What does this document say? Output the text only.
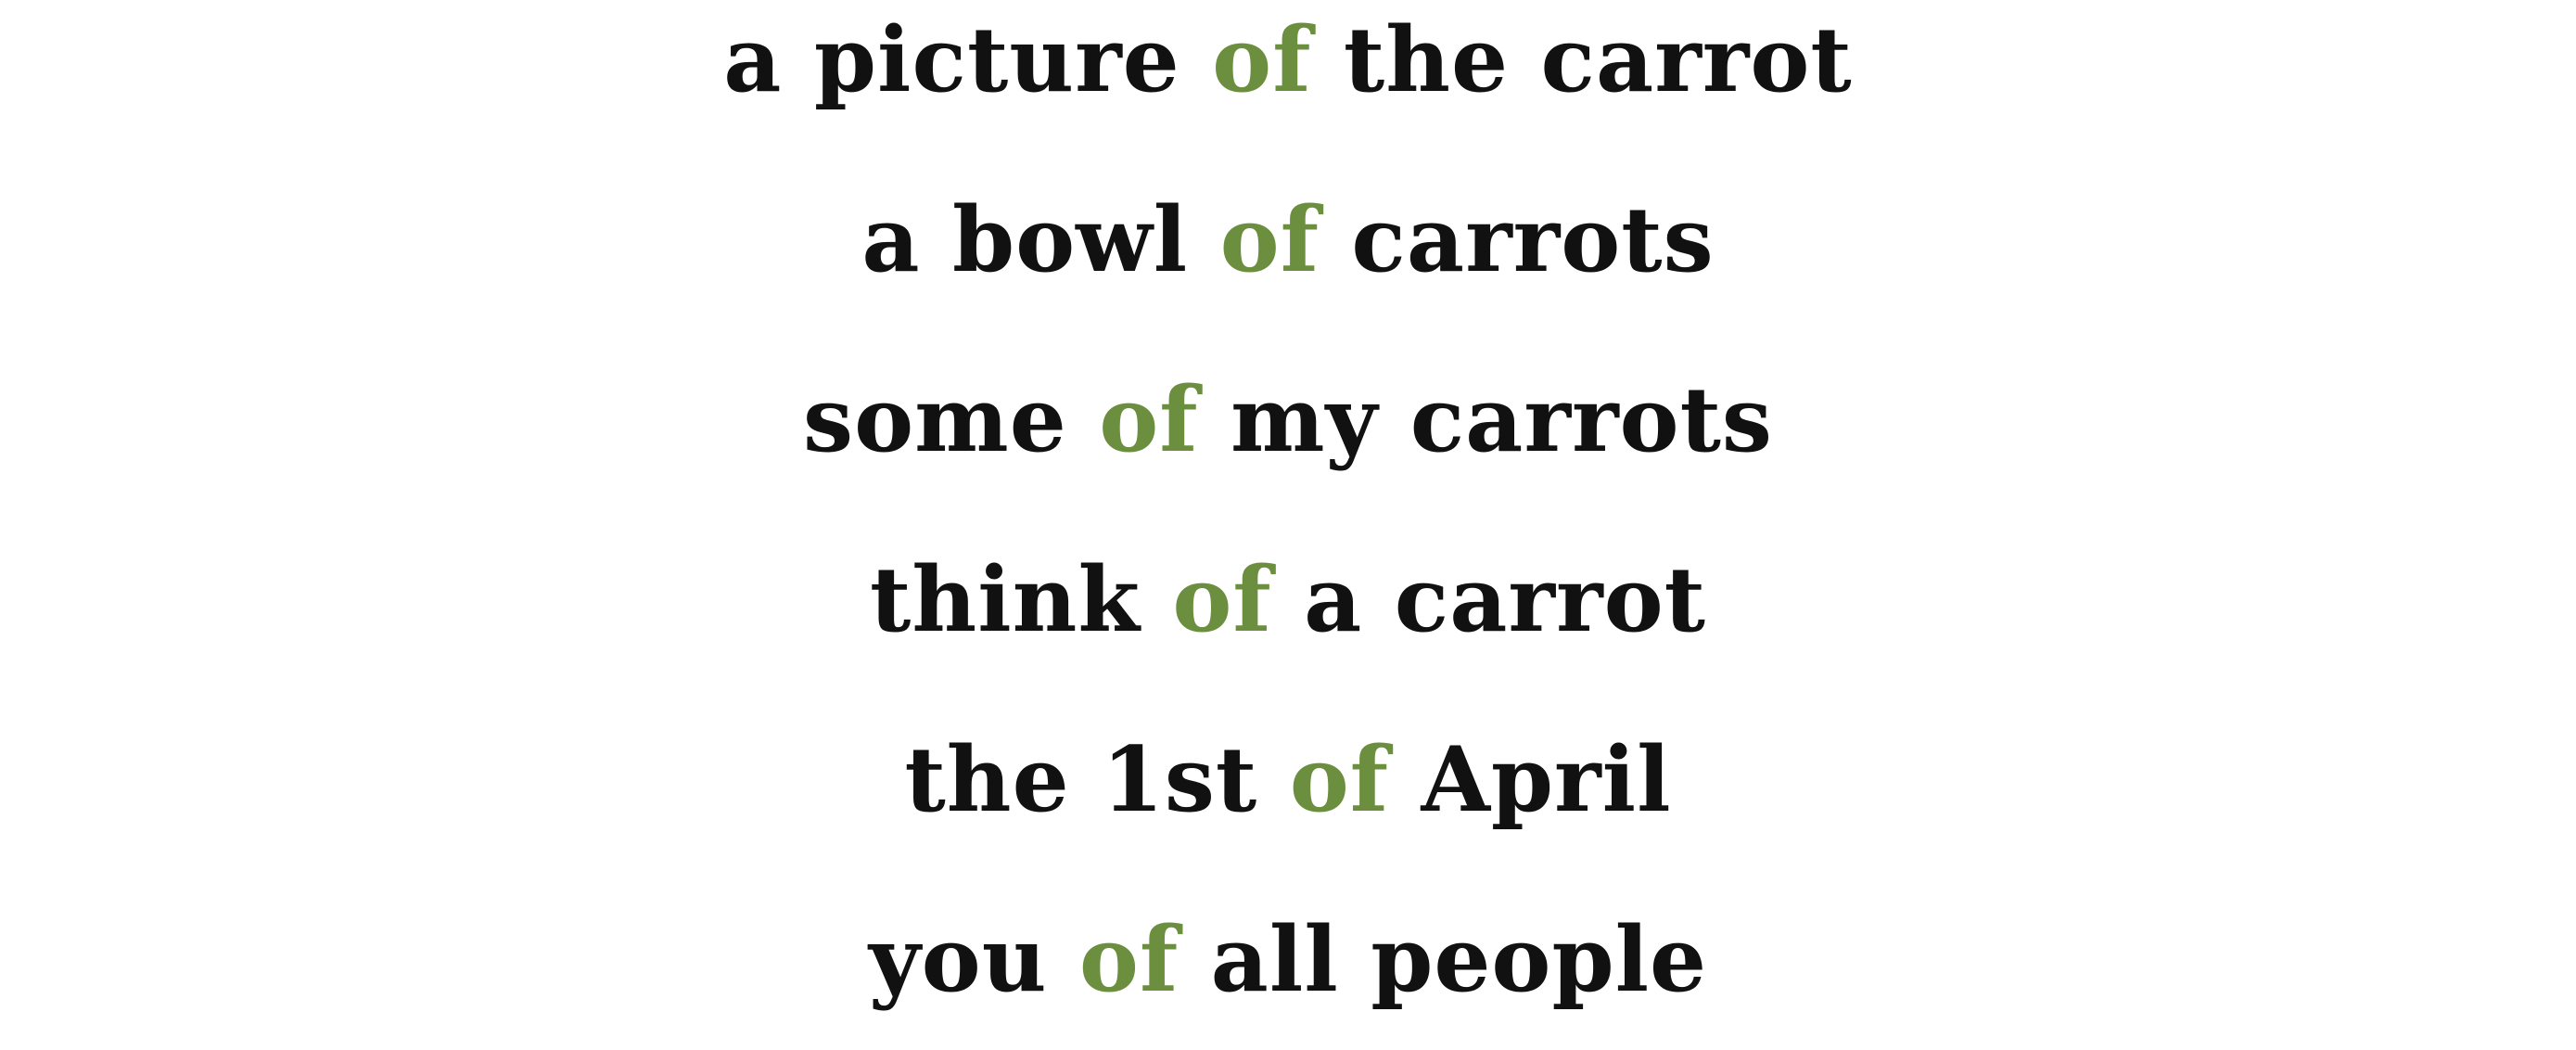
a picture of the carrot
a bowl of carrots
some of my carrots
think of a carrot
the 1st of April
you of all people
